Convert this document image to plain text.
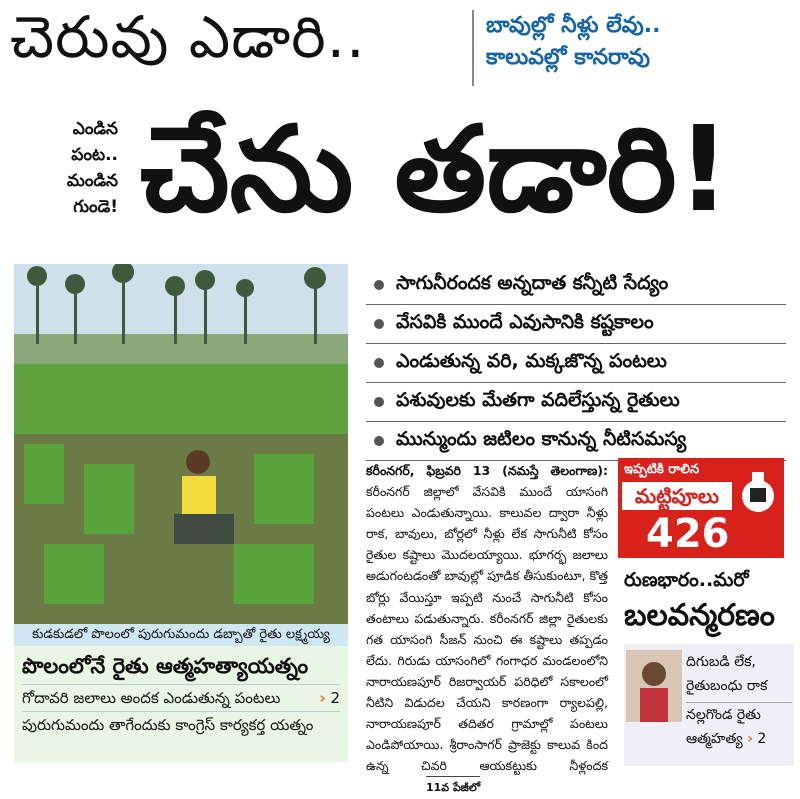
చెరువు ఎడారి..	బావుల్లో నీళ్లు లేవు..
కాలువల్లో కానరావు
ఎండిన
పంట..
మండిన
గుండె! చేను తడారి!
కుడకుడలో పొలంలో పురుగుమందు డబ్బాతో రైతు లక్ష్మయ్య
పొలంలోనే రైతు ఆత్మహత్యాయత్నం
గోదావరి జలాలు అందక ఎండుతున్న పంటలు	› 2
పురుగుమందు తాగేందుకు కాంగ్రెస్ కార్యకర్త యత్నం
సాగునీరందక అన్నదాత కన్నీటి సేద్యం
వేసవికి ముందే ఎవుసానికి కష్టకాలం
ఎండుతున్న వరి, మక్కజొన్న పంటలు
పశువులకు మేతగా వదిలేస్తున్న రైతులు
మున్ముందు జటిలం కానున్న నీటిసమస్య

కరీంనగర్, ఫిబ్రవరి 13 (నమస్తే తెలంగాణ): కరీంనగర్ జిల్లాలో వేసవికి ముందే యాసంగి పంటలు ఎండుతున్నాయి. కాలువల ద్వారా నీళ్లు రాక, బావులు, బోర్లలో నీళ్లు లేక సాగునీటి కోసం రైతుల కష్టాలు మొదలయ్యాయి. భూగర్భ జలాలు అడుగంటడంతో బావుల్లో పూడిక తీసుకుంటూ, కొత్త బోర్లు వేయిస్తూ ఇప్పటి నుంచే సాగునీటి కోసం తంటాలు పడుతున్నారు. కరీంనగర్ జిల్లా రైతులకు గత యాసంగి సీజన్ నుంచి ఈ కష్టాలు తప్పడం లేదు. గిరుడు యాసంగిలో గంగాధర మండలంలోని నారాయణపూర్ రిజర్వాయర్ పరిధిలో సకాలంలో నీటిని విడుదల చేయని కారణంగా ర్యాలపల్లి, నారాయణపూర్ తదితర గ్రామాల్లో పంటలు ఎండిపోయాయి. శ్రీరాంసాగర్ ప్రాజెక్టు కాలువ కింద ఉన్న చివరి ఆయకట్టుకు నీళ్లందక 11వ పేజీలో

ఇప్పటికి రాలిన
మట్టిపూలు
426
రుణభారం..మరో
బలవన్మరణం
దిగుబడి లేక, రైతుబంధు రాక
నల్లగొండ రైతు ఆత్మహత్య › 2
